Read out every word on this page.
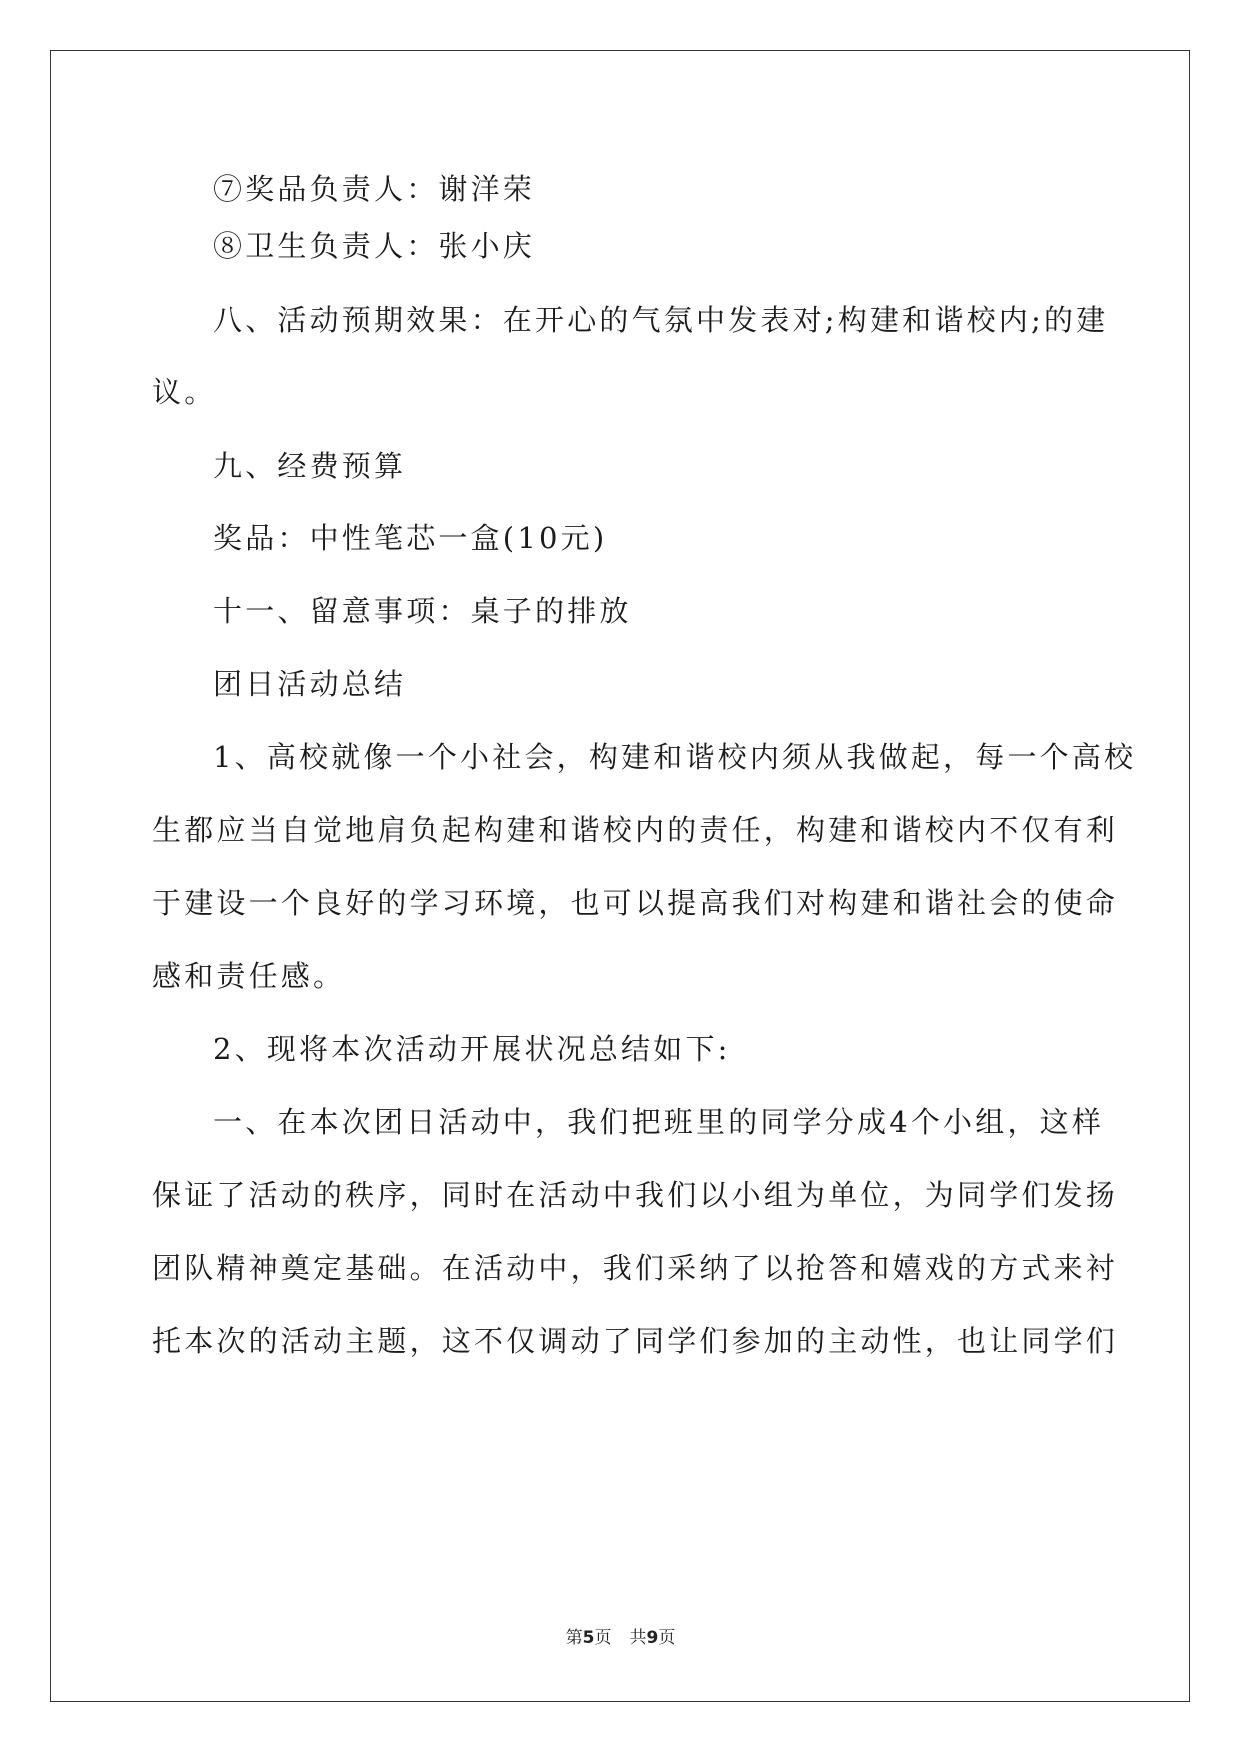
⑦奖品负责人：谢洋荣
⑧卫生负责人：张小庆
八、活动预期效果：在开心的气氛中发表对;构建和谐校内;的建
议。
九、经费预算
奖品：中性笔芯一盒(10元)
十一、留意事项：桌子的排放
团日活动总结
1、高校就像一个小社会，构建和谐校内须从我做起，每一个高校
生都应当自觉地肩负起构建和谐校内的责任，构建和谐校内不仅有利
于建设一个良好的学习环境，也可以提高我们对构建和谐社会的使命
感和责任感。
2、现将本次活动开展状况总结如下:
一、在本次团日活动中，我们把班里的同学分成4个小组，这样
保证了活动的秩序，同时在活动中我们以小组为单位，为同学们发扬
团队精神奠定基础。在活动中，我们采纳了以抢答和嬉戏的方式来衬
托本次的活动主题，这不仅调动了同学们参加的主动性，也让同学们
第5页 共9页
